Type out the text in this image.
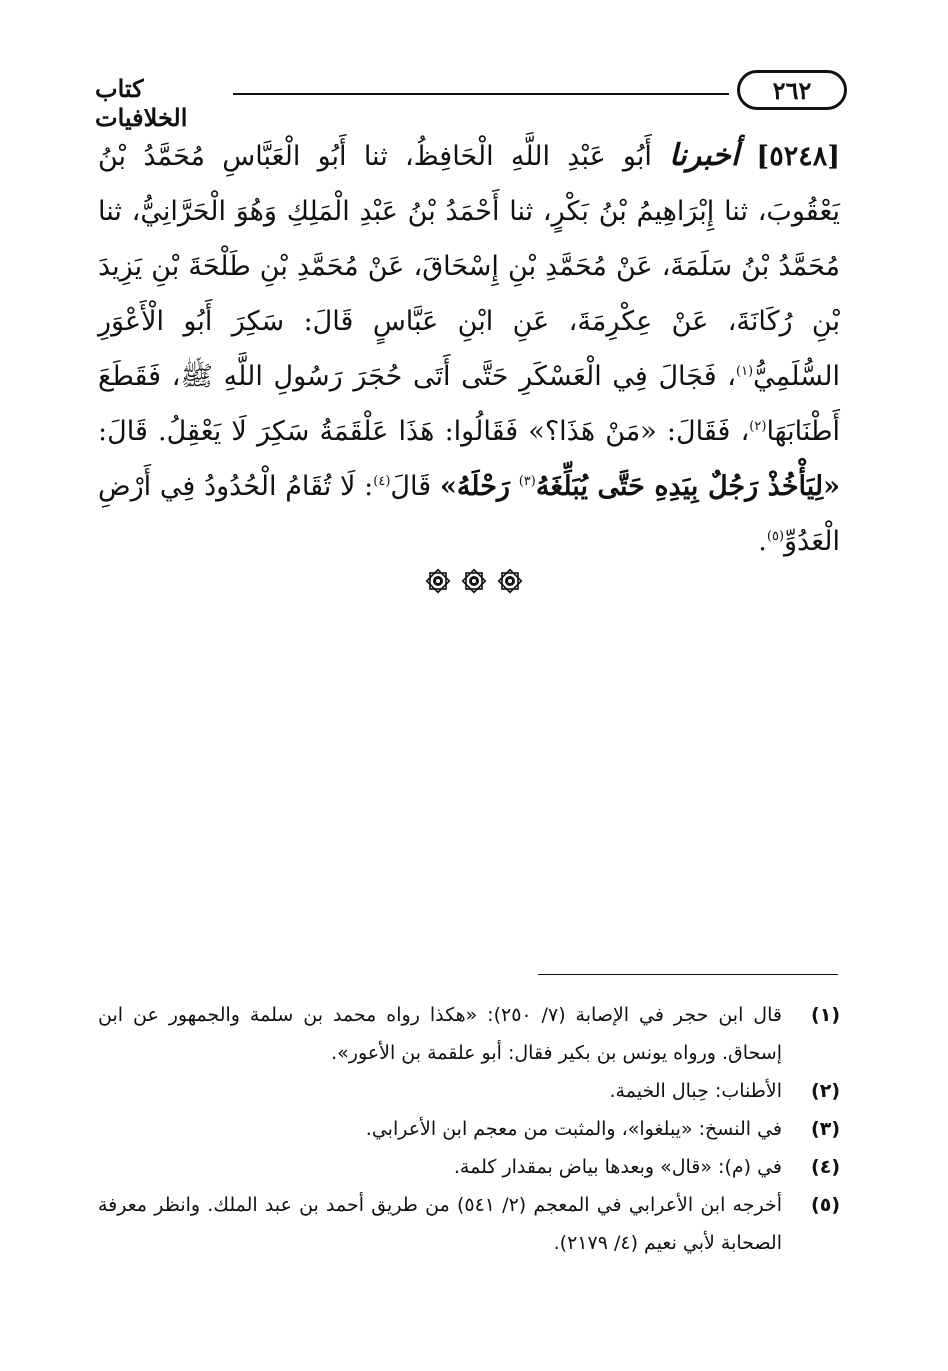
كتاب الخلافيات
٢٦٢

[٥٢٤٨] أخبرنا أَبُو عَبْدِ اللَّهِ الْحَافِظُ، ثنا أَبُو الْعَبَّاسِ مُحَمَّدُ بْنُ يَعْقُوبَ، ثنا إِبْرَاهِيمُ بْنُ بَكْرٍ، ثنا أَحْمَدُ بْنُ عَبْدِ الْمَلِكِ وَهُوَ الْحَرَّانِيُّ، ثنا مُحَمَّدُ بْنُ سَلَمَةَ، عَنْ مُحَمَّدِ بْنِ إِسْحَاقَ، عَنْ مُحَمَّدِ بْنِ طَلْحَةَ بْنِ يَزِيدَ بْنِ رُكَانَةَ، عَنْ عِكْرِمَةَ، عَنِ ابْنِ عَبَّاسٍ قَالَ: سَكِرَ أَبُو الْأَعْوَرِ السُّلَمِيُّ$^{(١)}$، فَجَالَ فِي الْعَسْكَرِ حَتَّى أَتَى حُجَرَ رَسُولِ اللَّهِ ﷺ، فَقَطَعَ أَطْنَابَهَا$^{(٢)}$، فَقَالَ: «مَنْ هَذَا؟» فَقَالُوا: هَذَا عَلْقَمَةُ سَكِرَ لَا يَعْقِلُ. قَالَ: «لِيَأْخُذْ رَجُلٌ بِيَدِهِ حَتَّى يُبَلِّغَهُ$^{(٣)}$ رَحْلَهُ» قَالَ$^{(٤)}$: لَا تُقَامُ الْحُدُودُ فِي أَرْضِ الْعَدُوِّ$^{(٥)}$.

(١)
قال ابن حجر في الإصابة (٧/ ٢٥٠): «هكذا رواه محمد بن سلمة والجمهور عن ابن إسحاق. ورواه يونس بن بكير فقال: أبو علقمة بن الأعور».
(٢)
الأطناب: حِبال الخيمة.
(٣)
في النسخ: «يبلغوا»، والمثبت من معجم ابن الأعرابي.
(٤)
في (م): «قال» وبعدها بياض بمقدار كلمة.
(٥)
أخرجه ابن الأعرابي في المعجم (٢/ ٥٤١) من طريق أحمد بن عبد الملك. وانظر معرفة الصحابة لأبي نعيم (٤/ ٢١٧٩).
